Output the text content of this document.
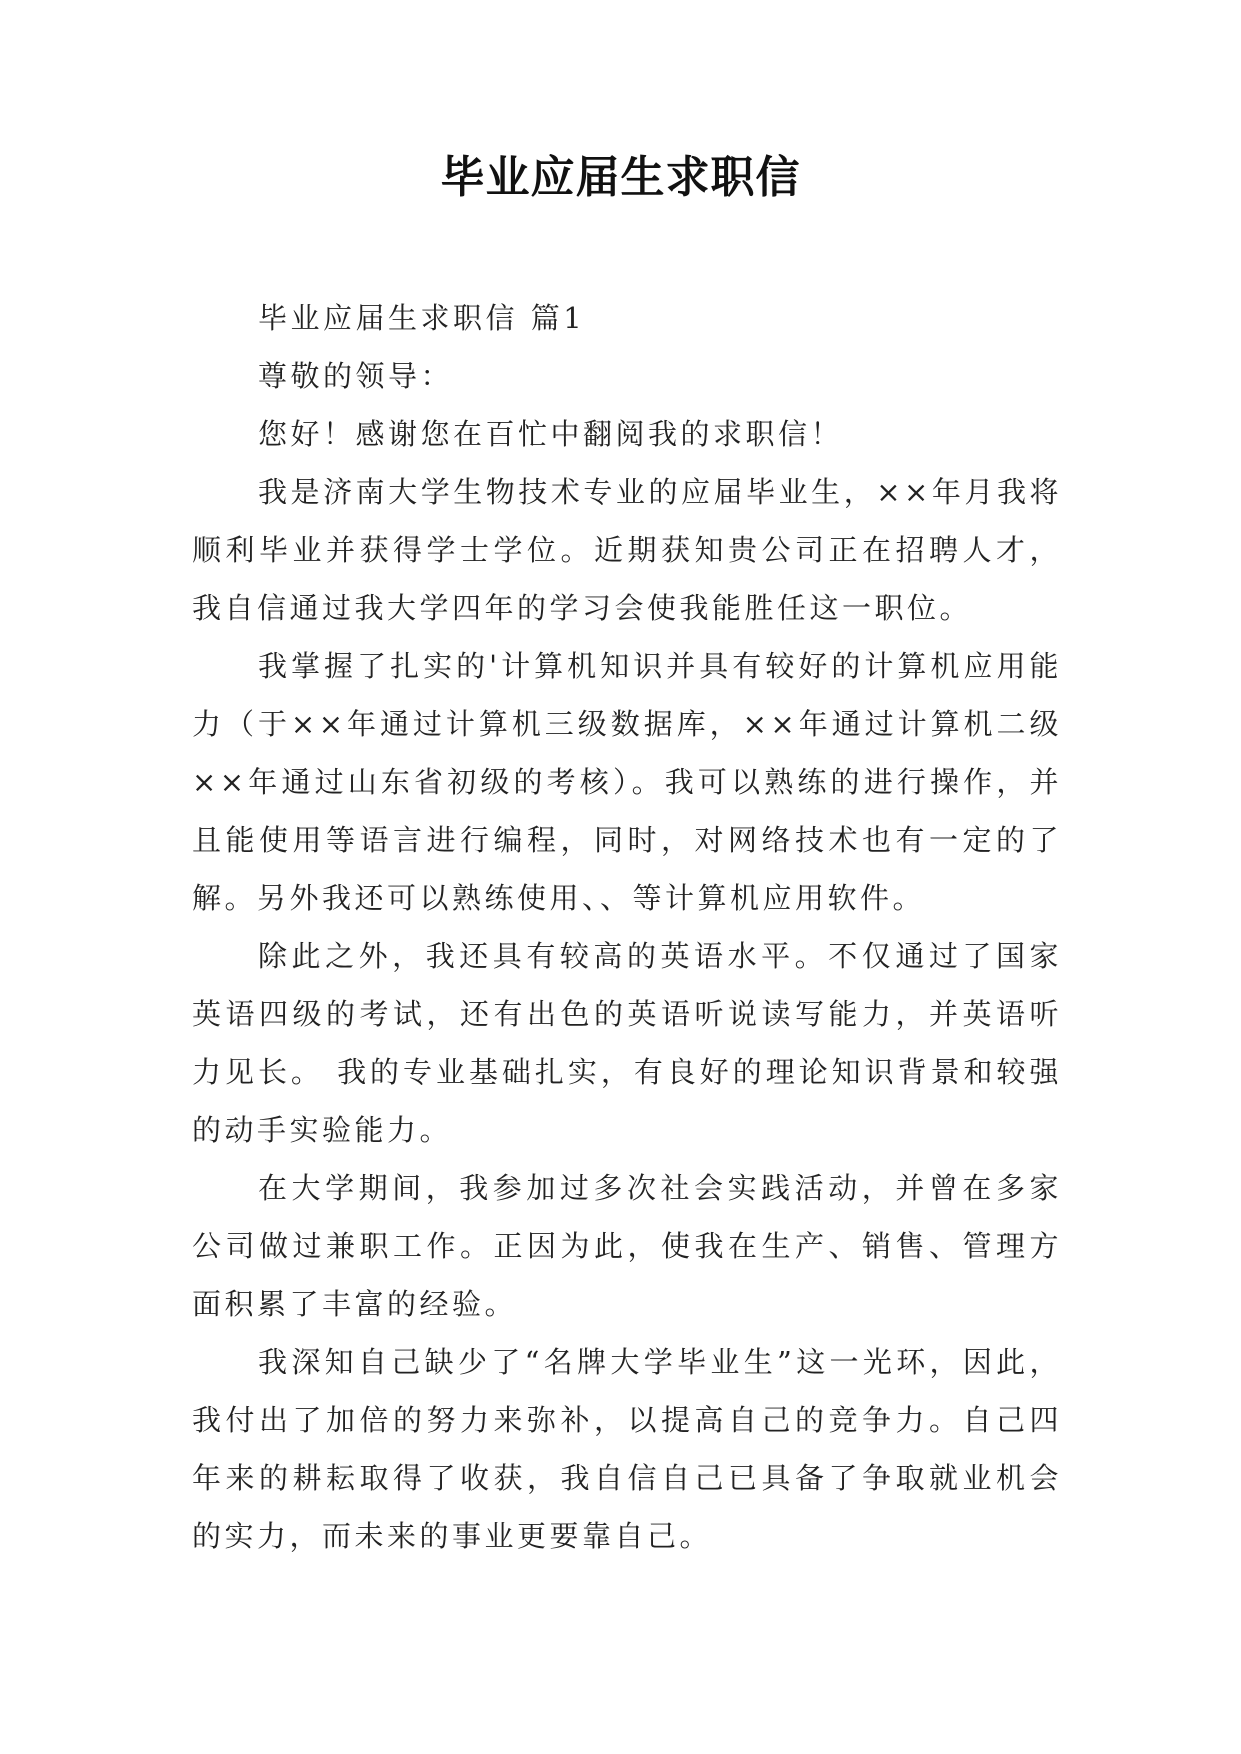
毕业应届生求职信

毕业应届生求职信 篇1

尊敬的领导：

您好！感谢您在百忙中翻阅我的求职信！

我是济南大学生物技术专业的应届毕业生，××年月我将顺利毕业并获得学士学位。近期获知贵公司正在招聘人才，我自信通过我大学四年的学习会使我能胜任这一职位。

我掌握了扎实的'计算机知识并具有较好的计算机应用能力（于××年通过计算机三级数据库，××年通过计算机二级××年通过山东省初级的考核）。我可以熟练的进行操作，并且能使用等语言进行编程，同时，对网络技术也有一定的了解。另外我还可以熟练使用、、等计算机应用软件。

除此之外，我还具有较高的英语水平。不仅通过了国家英语四级的考试，还有出色的英语听说读写能力，并英语听力见长。 我的专业基础扎实，有良好的理论知识背景和较强的动手实验能力。

在大学期间，我参加过多次社会实践活动，并曾在多家公司做过兼职工作。正因为此，使我在生产、销售、管理方面积累了丰富的经验。

我深知自己缺少了“名牌大学毕业生”这一光环，因此，我付出了加倍的努力来弥补，以提高自己的竞争力。自己四年来的耕耘取得了收获，我自信自己已具备了争取就业机会的实力，而未来的事业更要靠自己。
